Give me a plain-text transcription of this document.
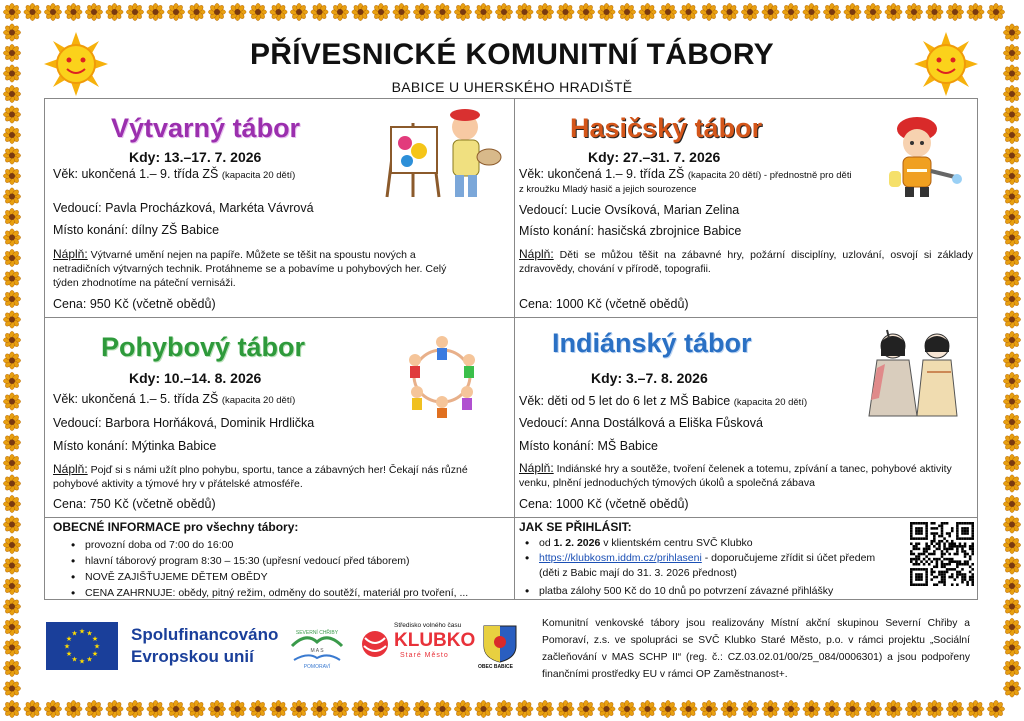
PŘÍVESNICKÉ KOMUNITNÍ TÁBORY
BABICE U UHERSKÉHO HRADIŠTĚ
Výtvarný tábor
Kdy: 13.–17. 7. 2026
Věk: ukončená 1.– 9. třída ZŠ (kapacita 20 dětí)
Vedoucí: Pavla Procházková, Markéta Vávrová
Místo konání: dílny ZŠ Babice
Náplň: Výtvarné umění nejen na papíře. Můžete se těšit na spoustu nových a netradičních výtvarných technik. Protáhneme se a pobavíme u pohybových her. Celý týden zhodnotíme na páteční vernisáži.
Cena: 950 Kč (včetně obědů)
Hasičský tábor
Kdy: 27.–31. 7. 2026
Věk: ukončená 1.– 9. třída ZŠ (kapacita 20 dětí) - přednostně pro děti
z kroužku Mladý hasič a jejich sourozence
Vedoucí: Lucie Ovsíková, Marian Zelina
Místo konání: hasičská zbrojnice Babice
Náplň: Děti se můžou těšit na zábavné hry, požární disciplíny, uzlování, osvojí si základy zdravovědy, chování v přírodě, topografii.
Cena: 1000 Kč (včetně obědů)
Pohybový tábor
Kdy: 10.–14. 8. 2026
Věk: ukončená 1.– 5. třída ZŠ (kapacita 20 dětí)
Vedoucí: Barbora Horňáková, Dominik Hrdlička
Místo konání: Mýtinka Babice
Náplň: Pojď si s námi užít plno pohybu, sportu, tance a zábavných her! Čekají nás různé pohybové aktivity a týmové hry v přátelské atmosféře.
Cena: 750 Kč (včetně obědů)
Indiánský tábor
Kdy: 3.–7. 8. 2026
Věk: děti od 5 let do 6 let z MŠ Babice (kapacita 20 dětí)
Vedoucí: Anna Dostálková a Eliška Fůsková
Místo konání: MŠ Babice
Náplň: Indiánské hry a soutěže, tvoření čelenek a totemu, zpívání a tanec, pohybové aktivity venku, plnění jednoduchých týmových úkolů a společná zábava
Cena: 1000 Kč (včetně obědů)
OBECNÉ INFORMACE pro všechny tábory:
• provozní doba od 7:00 do 16:00
• hlavní táborový program 8:30 – 15:30 (upřesní vedoucí před táborem)
• NOVĚ ZAJIŠŤUJEME DĚTEM OBĚDY
• CENA ZAHRNUJE: obědy, pitný režim, odměny do soutěží, materiál pro tvoření, ...
JAK SE PŘIHLÁSIT:
• od 1. 2. 2026 v klientském centru SVČ Klubko
• https://klubkosm.iddm.cz/prihlaseni - doporučujeme zřídit si účet předem
(děti z Babic mají do 31. 3. 2026 přednost)
• platba zálohy 500 Kč do 10 dnů po potvrzení závazné přihlášky
★
★
★
★
★
★
★
★
★ ★ ★
★ Spolufinancováno
Evropskou unií
SEVERNÍ CHŘIBY
M A S
POMORAVÍ
Středisko volného času
KLUBKO
Staré Město
OBEC BABICE
Komunitní venkovské tábory jsou realizovány Místní akční skupinou Severní Chřiby a Pomoraví, z.s. ve spolupráci se SVČ Klubko Staré Město, p.o. v rámci projektu „Sociální začleňování v MAS SCHP II“ (reg. č.: CZ.03.02.01/00/25_084/0006301) a jsou podpořeny finančními prostředky EU v rámci OP Zaměstnanost+.
